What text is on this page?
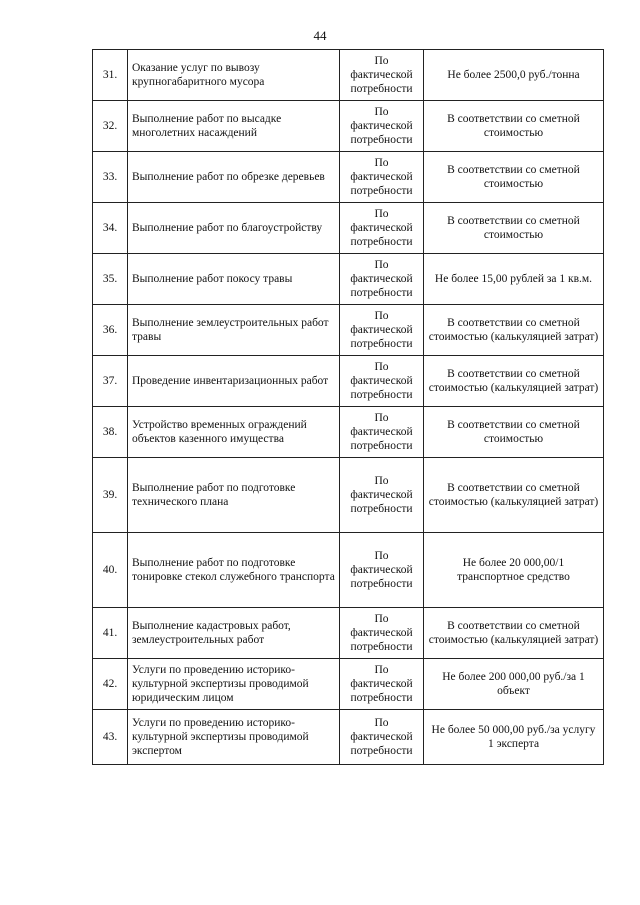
44
31.	Оказание услуг по вывозу крупногабаритного мусора	По фактической потребности	Не более 2500,0 руб./тонна
32.	Выполнение работ по высадке многолетних насаждений	По фактической потребности	В соответствии со сметной стоимостью
33.	Выполнение работ по обрезке деревьев	По фактической потребности	В соответствии со сметной стоимостью
34.	Выполнение работ по благоустройству	По фактической потребности	В соответствии со сметной стоимостью
35.	Выполнение работ покосу травы	По фактической потребности	Не более 15,00 рублей за 1 кв.м.
36.	Выполнение землеустроительных работ травы	По фактической потребности	В соответствии со сметной стоимостью (калькуляцией затрат)
37.	Проведение инвентаризационных работ	По фактической потребности	В соответствии со сметной стоимостью (калькуляцией затрат)
38.	Устройство временных ограждений объектов казенного имущества	По фактической потребности	В соответствии со сметной стоимостью
39.	Выполнение работ по подготовке технического плана	По фактической потребности	В соответствии со сметной стоимостью (калькуляцией затрат)
40.	Выполнение работ по подготовке тонировке стекол служебного транспорта	По фактической потребности	Не более 20 000,00/1 транспортное средство
41.	Выполнение кадастровых работ, землеустроительных работ	По фактической потребности	В соответствии со сметной стоимостью (калькуляцией затрат)
42.	Услуги по проведению историко-культурной экспертизы проводимой юридическим лицом	По фактической потребности	Не более 200 000,00 руб./за 1 объект
43.	Услуги по проведению историко-культурной экспертизы проводимой экспертом	По фактической потребности	Не более 50 000,00 руб./за услугу 1 эксперта
